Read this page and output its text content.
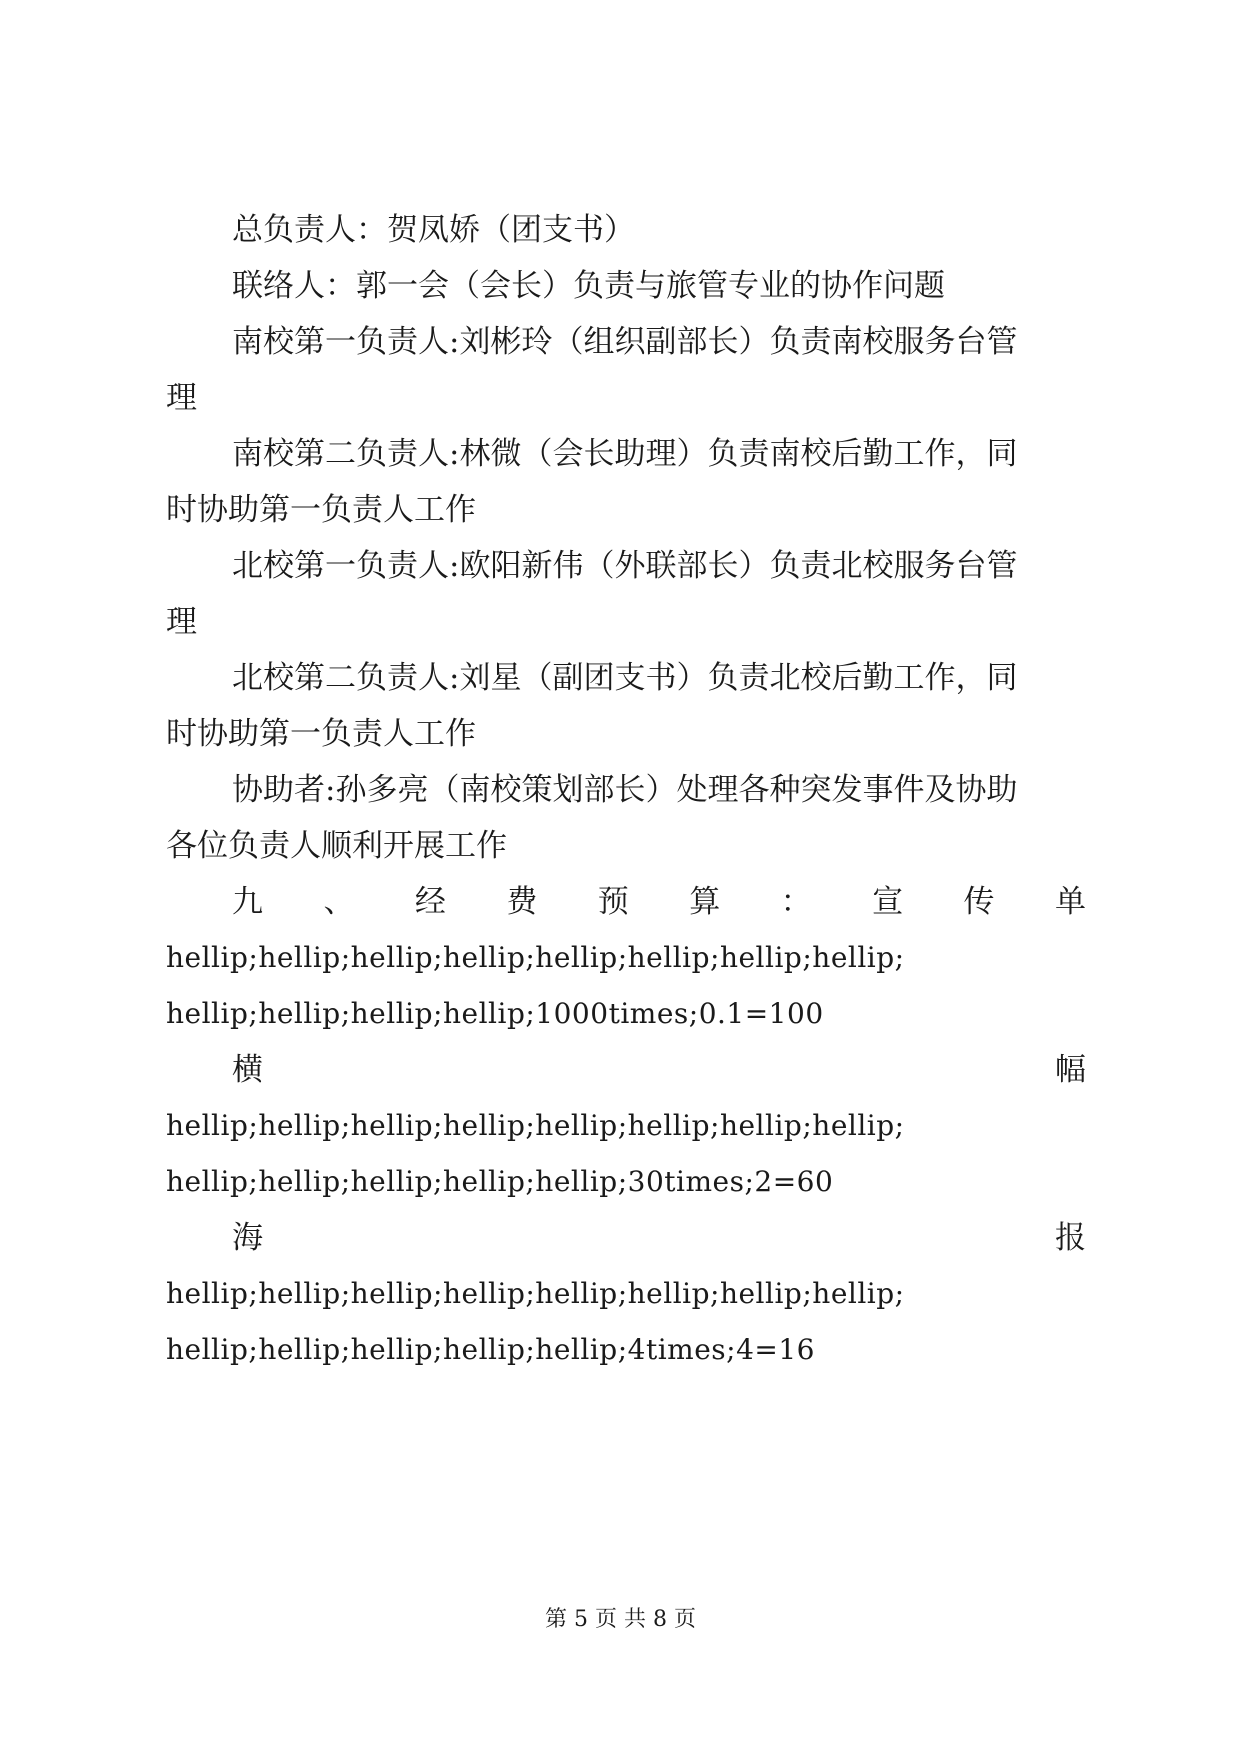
总负责人：贺凤娇（团支书）
联络人：郭一会（会长）负责与旅管专业的协作问题
南校第一负责人:刘彬玲（组织副部长）负责南校服务台管
理
南校第二负责人:林微（会长助理）负责南校后勤工作，同
时协助第一负责人工作
北校第一负责人:欧阳新伟（外联部长）负责北校服务台管
理
北校第二负责人:刘星（副团支书）负责北校后勤工作，同
时协助第一负责人工作
协助者:孙多亮（南校策划部长）处理各种突发事件及协助
各位负责人顺利开展工作
九 、 经 费 预 算 ： 宣 传 单
hellip;hellip;hellip;hellip;hellip;hellip;hellip;hellip;
hellip;hellip;hellip;hellip;1000times;0.1=100
横	幅
hellip;hellip;hellip;hellip;hellip;hellip;hellip;hellip;
hellip;hellip;hellip;hellip;hellip;30times;2=60
海	报
hellip;hellip;hellip;hellip;hellip;hellip;hellip;hellip;
hellip;hellip;hellip;hellip;hellip;4times;4=16
第 5 页 共 8 页
